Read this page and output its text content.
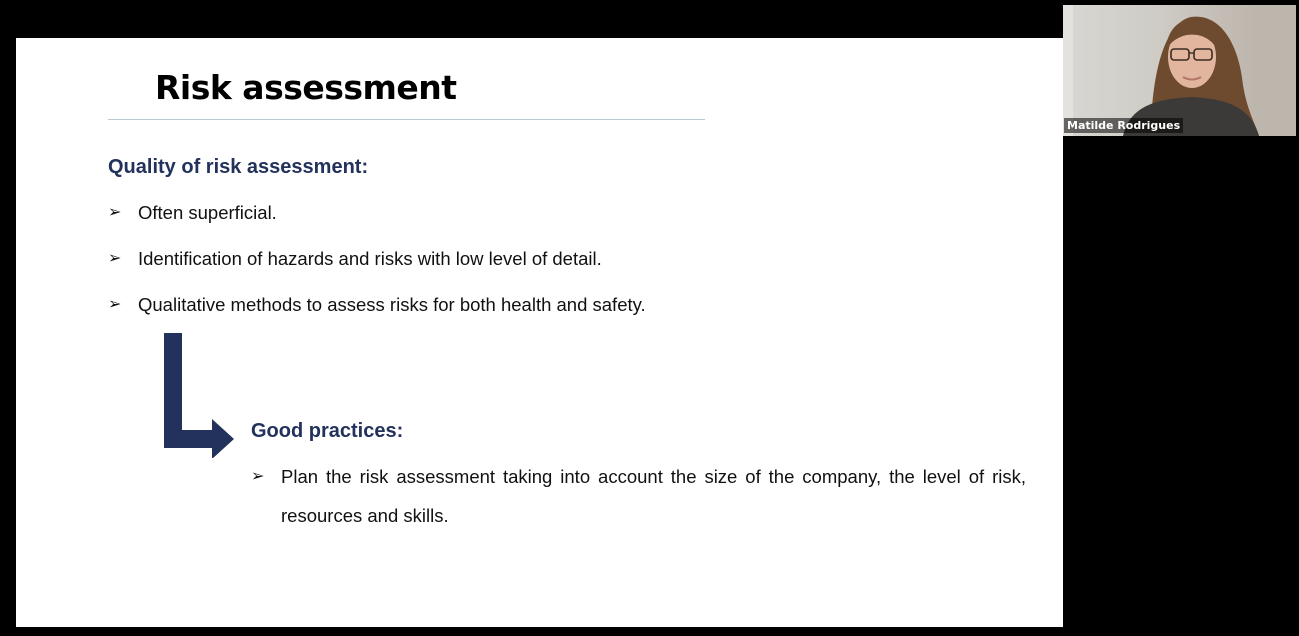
Risk assessment
Quality of risk assessment:
➢ Often superficial.
➢ Identification of hazards and risks with low level of detail.
➢ Qualitative methods to assess risks for both health and safety.
Good practices:
➢ Plan the risk assessment taking into account the size of the company, the level of risk, resources and skills.
Matilde Rodrigues
